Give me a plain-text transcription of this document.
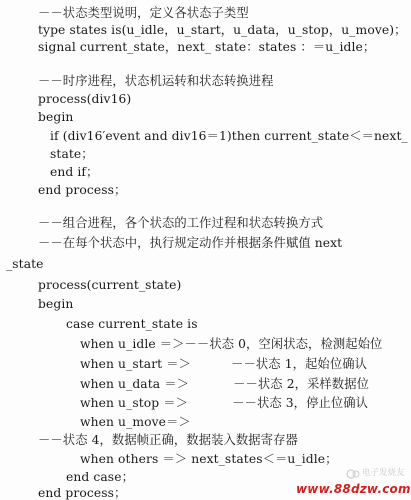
－－状态类型说明，定义各状态子类型
type states is(u_idle，u_start，u_data，u_stop，u_move)；
signal current_state，next_ state：states ：＝u_idle；
－－时序进程，状态机运转和状态转换进程
process(div16)
begin
if (div16′event and div16＝1)then current_state＜＝next_
state；
end if；
end process；
－－组合进程，各个状态的工作过程和状态转换方式
－－在每个状态中，执行规定动作并根据条件赋值 next
_state
process(current_state)
begin
case current_state is
when u_idle ＝＞－－状态 0，空闲状态，检测起始位
when u_start ＝＞          －－状态 1，起始位确认
when u_data ＝＞           －－状态 2，采样数据位
when u_stop ＝＞           －－状态 3，停止位确认
when u_move＝＞
－－状态 4，数据帧正确，数据装入数据寄存器
when others ＝＞ next_states＜＝u_idle；
end case；
end process；
电子发烧友
www.88dzw.com
